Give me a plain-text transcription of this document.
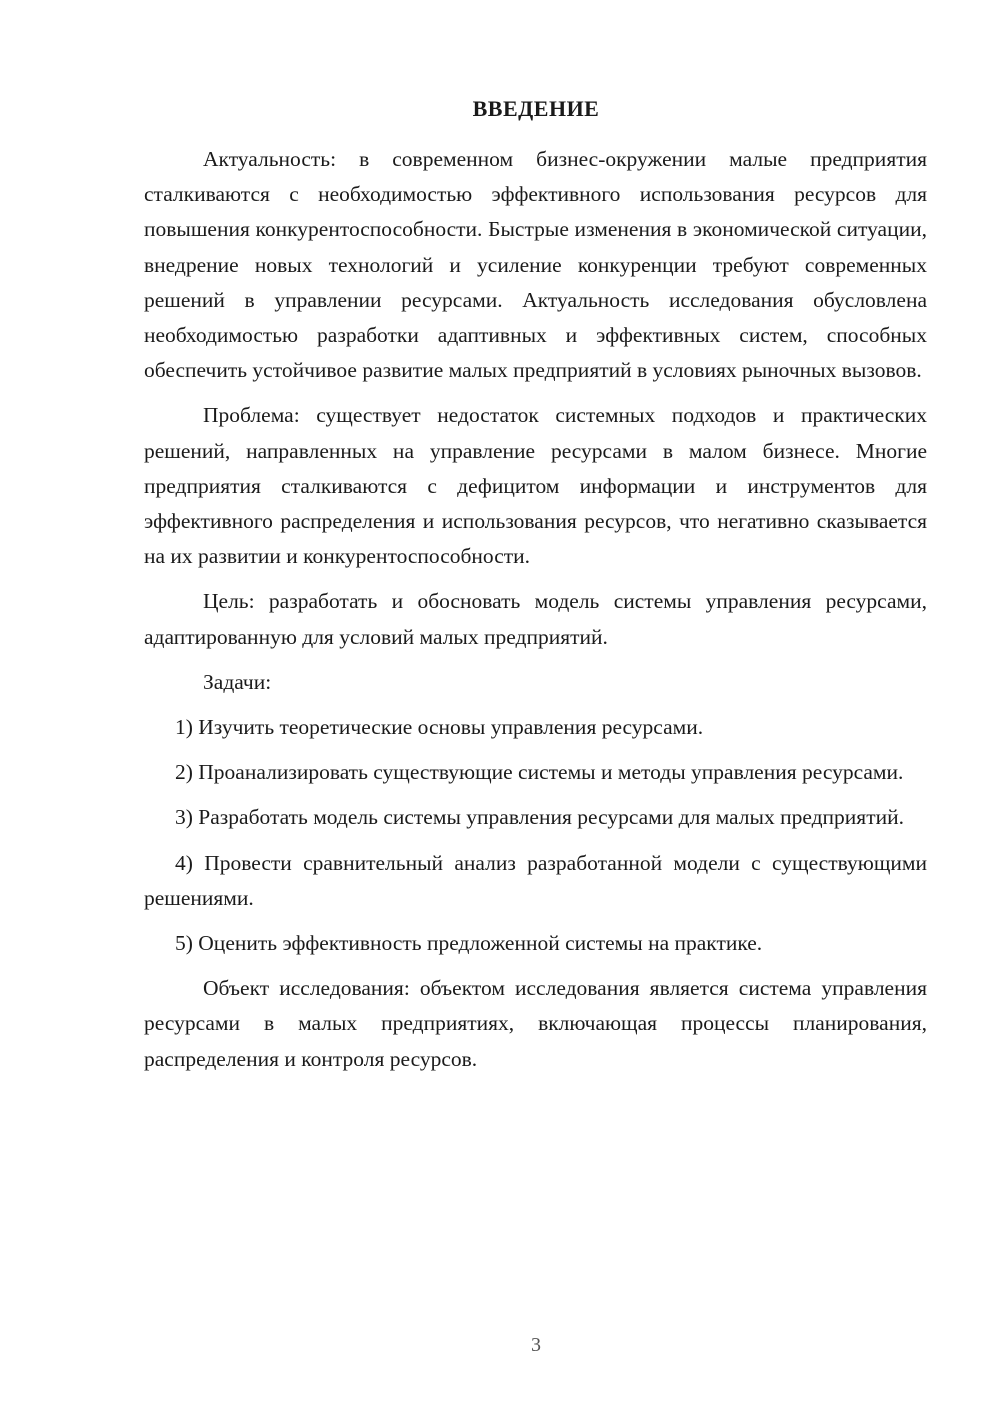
ВВЕДЕНИЕ

Актуальность: в современном бизнес-окружении малые предприятия сталкиваются с необходимостью эффективного использования ресурсов для повышения конкурентоспособности. Быстрые изменения в экономической ситуации, внедрение новых технологий и усиление конкуренции требуют современных решений в управлении ресурсами. Актуальность исследования обусловлена необходимостью разработки адаптивных и эффективных систем, способных обеспечить устойчивое развитие малых предприятий в условиях рыночных вызовов.

Проблема: существует недостаток системных подходов и практических решений, направленных на управление ресурсами в малом бизнесе. Многие предприятия сталкиваются с дефицитом информации и инструментов для эффективного распределения и использования ресурсов, что негативно сказывается на их развитии и конкурентоспособности.

Цель: разработать и обосновать модель системы управления ресурсами, адаптированную для условий малых предприятий.

Задачи:

1) Изучить теоретические основы управления ресурсами.

2) Проанализировать существующие системы и методы управления ресурсами.

3) Разработать модель системы управления ресурсами для малых предприятий.

4) Провести сравнительный анализ разработанной модели с существующими решениями.

5) Оценить эффективность предложенной системы на практике.

Объект исследования: объектом исследования является система управления ресурсами в малых предприятиях, включающая процессы планирования, распределения и контроля ресурсов.

3
